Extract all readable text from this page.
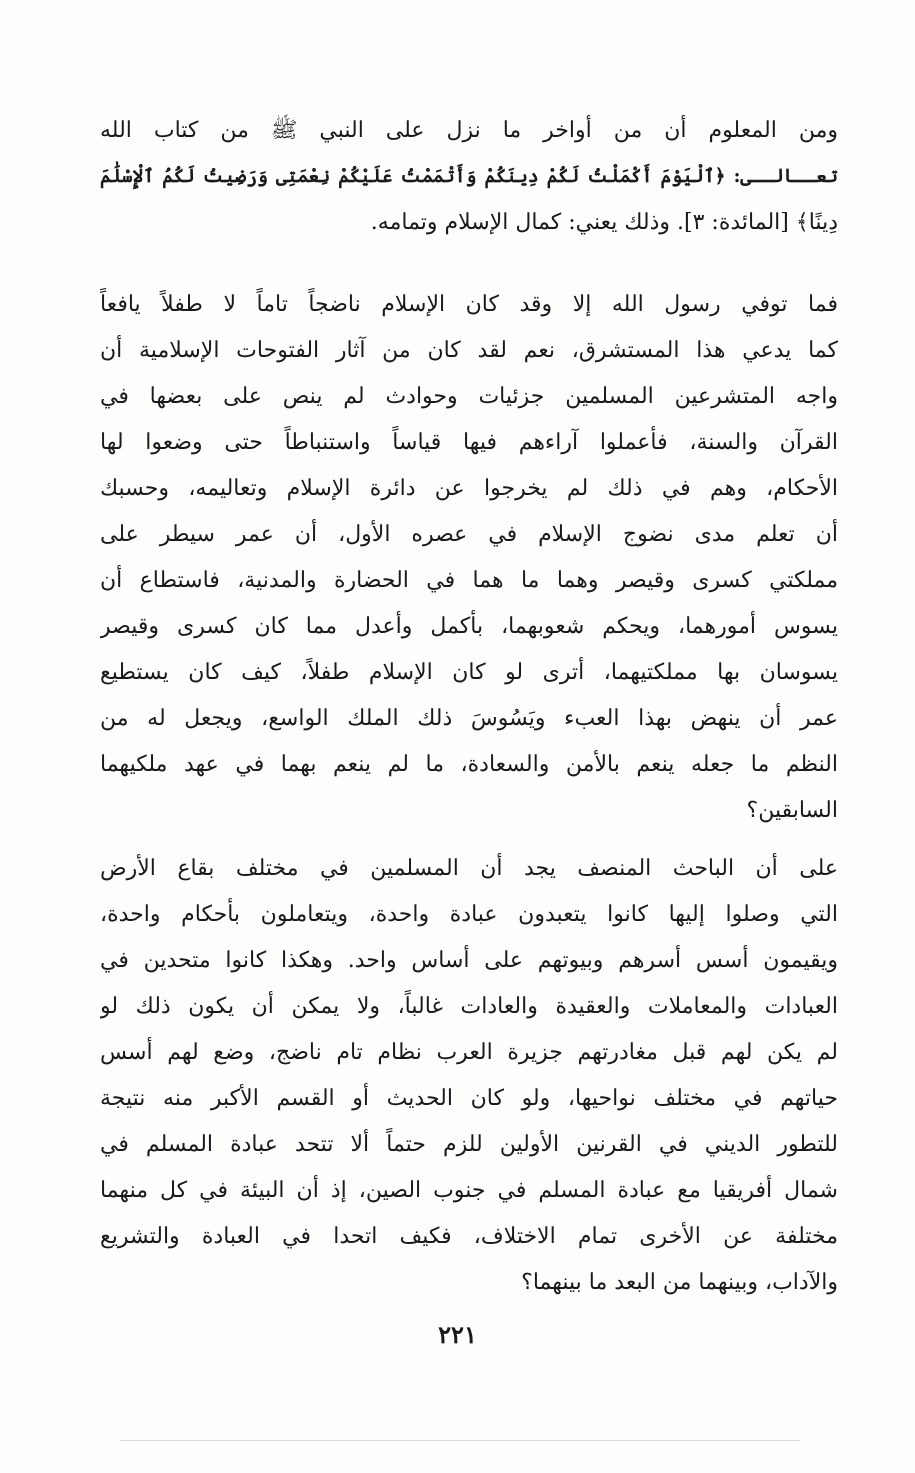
ومن المعلوم أن من أواخر ما نزل على النبي ﷺ من كتاب الله
تعــالــى: ﴿ٱلْيَوْمَ أَكْمَلْتُ لَكُمْ دِينَكُمْ وَأَتْمَمْتُ عَلَيْكُمْ نِعْمَتِى وَرَضِيتُ لَكُمُ ٱلْإِسْلَٰمَ
دِينًا﴾ [المائدة: ٣]. وذلك يعني: كمال الإسلام وتمامه.
فما توفي رسول الله إلا وقد كان الإسلام ناضجاً تاماً لا طفلاً يافعاً
كما يدعي هذا المستشرق، نعم لقد كان من آثار الفتوحات الإسلامية أن
واجه المتشرعين المسلمين جزئيات وحوادث لم ينص على بعضها في
القرآن والسنة، فأعملوا آراءهم فيها قياساً واستنباطاً حتى وضعوا لها
الأحكام، وهم في ذلك لم يخرجوا عن دائرة الإسلام وتعاليمه، وحسبك
أن تعلم مدى نضوج الإسلام في عصره الأول، أن عمر سيطر على
مملكتي كسرى وقيصر وهما ما هما في الحضارة والمدنية، فاستطاع أن
يسوس أمورهما، ويحكم شعوبهما، بأكمل وأعدل مما كان كسرى وقيصر
يسوسان بها مملكتيهما، أترى لو كان الإسلام طفلاً، كيف كان يستطيع
عمر أن ينهض بهذا العبء ويَسُوسَ ذلك الملك الواسع، ويجعل له من
النظم ما جعله ينعم بالأمن والسعادة، ما لم ينعم بهما في عهد ملكيهما
السابقين؟
على أن الباحث المنصف يجد أن المسلمين في مختلف بقاع الأرض
التي وصلوا إليها كانوا يتعبدون عبادة واحدة، ويتعاملون بأحكام واحدة،
ويقيمون أسس أسرهم وبيوتهم على أساس واحد. وهكذا كانوا متحدين في
العبادات والمعاملات والعقيدة والعادات غالباً، ولا يمكن أن يكون ذلك لو
لم يكن لهم قبل مغادرتهم جزيرة العرب نظام تام ناضج، وضع لهم أسس
حياتهم في مختلف نواحيها، ولو كان الحديث أو القسم الأكبر منه نتيجة
للتطور الديني في القرنين الأولين للزم حتماً ألا تتحد عبادة المسلم في
شمال أفريقيا مع عبادة المسلم في جنوب الصين، إذ أن البيئة في كل منهما
مختلفة عن الأخرى تمام الاختلاف، فكيف اتحدا في العبادة والتشريع
والآداب، وبينهما من البعد ما بينهما؟
٢٢١
